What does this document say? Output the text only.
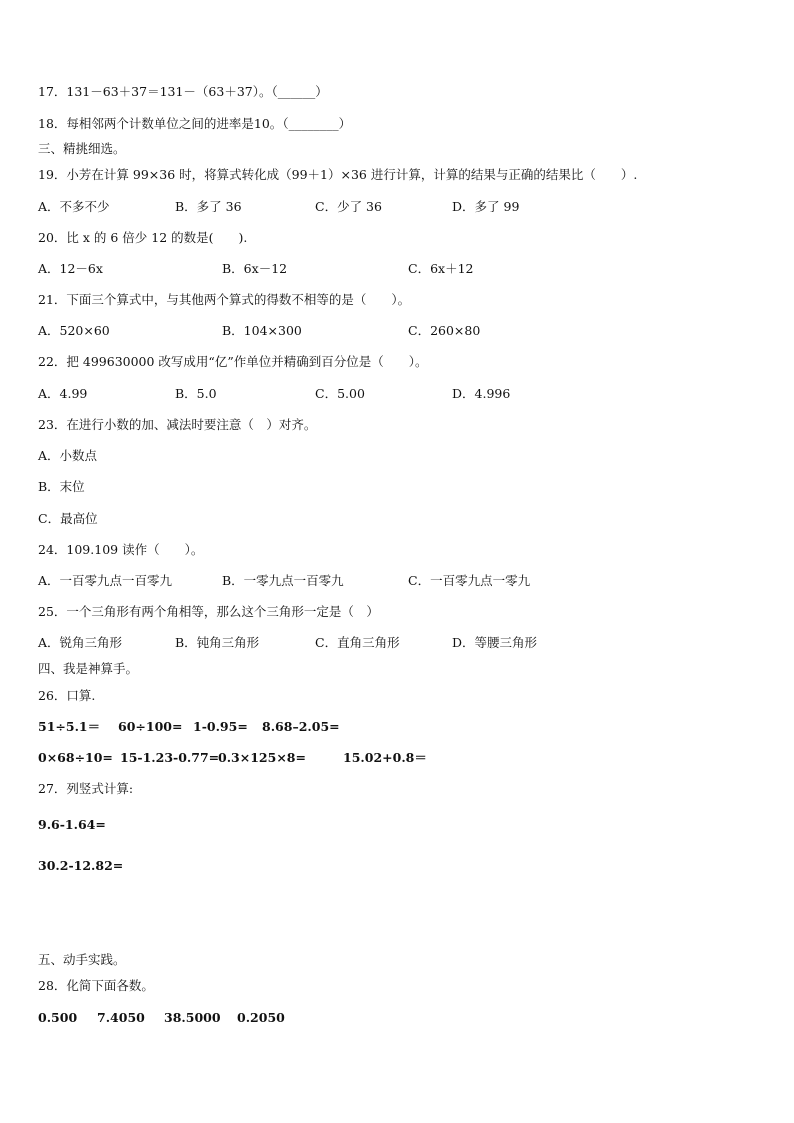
17．131－63＋37＝131－（63＋37）。（______）
18．每相邻两个计数单位之间的进率是10。（________）
三、精挑细选。
19．小芳在计算 99×36 时，将算式转化成（99＋1）×36 进行计算，计算的结果与正确的结果比（　　）.
A．不多不少	B．多了 36	C．少了 36	D．多了 99
20．比 x 的 6 倍少 12 的数是(　　).
A．12－6x	B．6x－12	C．6x＋12
21．下面三个算式中，与其他两个算式的得数不相等的是（　　）。
A．520×60	B．104×300	C．260×80
22．把 499630000 改写成用“亿”作单位并精确到百分位是（　　）。
A．4.99	B．5.0	C．5.00	D．4.996
23．在进行小数的加、减法时要注意（　）对齐。
A．小数点
B．末位
C．最高位
24．109.109 读作（　　）。
A．一百零九点一百零九	B．一零九点一百零九	C．一百零九点一零九
25．一个三角形有两个角相等，那么这个三角形一定是（　）
A．锐角三角形	B．钝角三角形	C．直角三角形	D．等腰三角形
四、我是神算手。
26．口算.
51÷5.1＝ 60÷100= 1-0.95= 8.68–2.05=
0×68÷10= 15-1.23-0.77=
0.3×125×8=	15.02+0.8＝
27．列竖式计算:
9.6-1.64=
30.2-12.82=
五、动手实践。
28．化简下面各数。
0.500 7.4050 38.5000 0.2050
